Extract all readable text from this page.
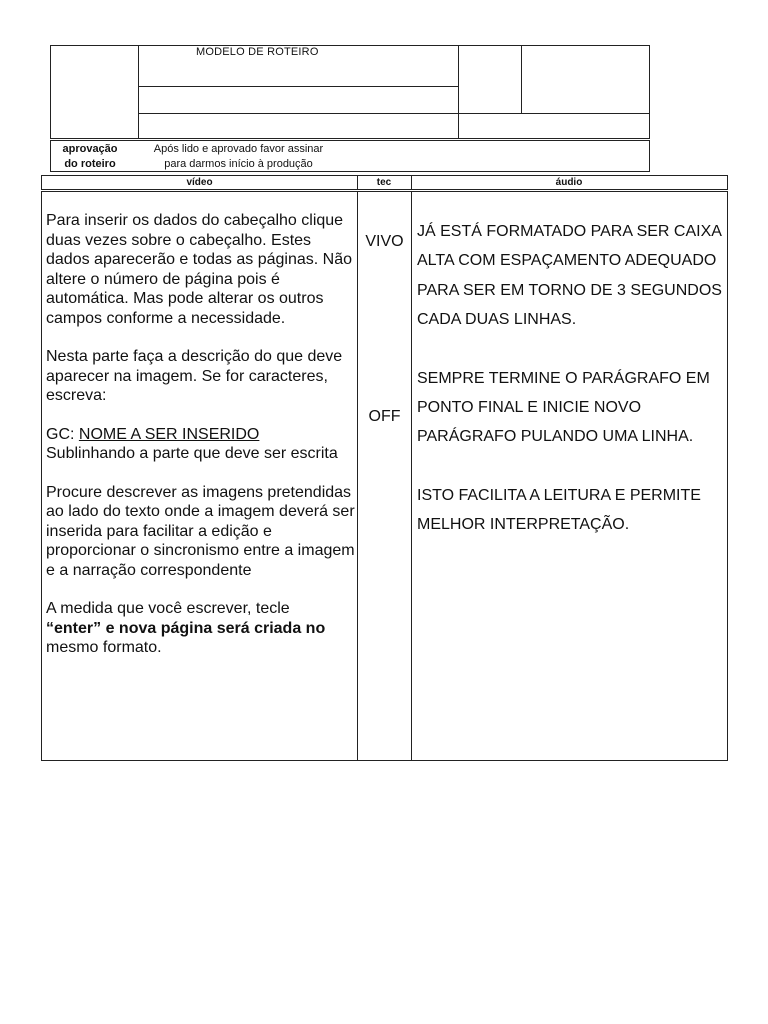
MODELO DE ROTEIRO
aprovação
do roteiro
Após lido e aprovado favor assinar
para darmos início à produção
vídeo	tec	áudio

Para inserir os dados do cabeçalho clique duas vezes sobre o cabeçalho. Estes dados aparecerão e todas as páginas. Não altere o número de página pois é automática. Mas pode alterar os outros campos conforme a necessidade.

Nesta parte faça a descrição do que deve aparecer na imagem. Se for caracteres, escreva:

GC: NOME A SER INSERIDO
Sublinhando a parte que deve ser escrita

Procure descrever as imagens pretendidas ao lado do texto onde a imagem deverá ser inserida para facilitar a edição e proporcionar o sincronismo entre a imagem e a narração correspondente

A medida que você escrever, tecle
“enter” e nova página será criada no
mesmo formato.

VIVO
OFF

JÁ ESTÁ FORMATADO PARA SER CAIXA ALTA COM ESPAÇAMENTO ADEQUADO PARA SER EM TORNO DE 3 SEGUNDOS CADA DUAS LINHAS.

SEMPRE TERMINE O PARÁGRAFO EM PONTO FINAL E INICIE NOVO PARÁGRAFO PULANDO UMA LINHA.

ISTO FACILITA A LEITURA E PERMITE MELHOR INTERPRETAÇÃO.
